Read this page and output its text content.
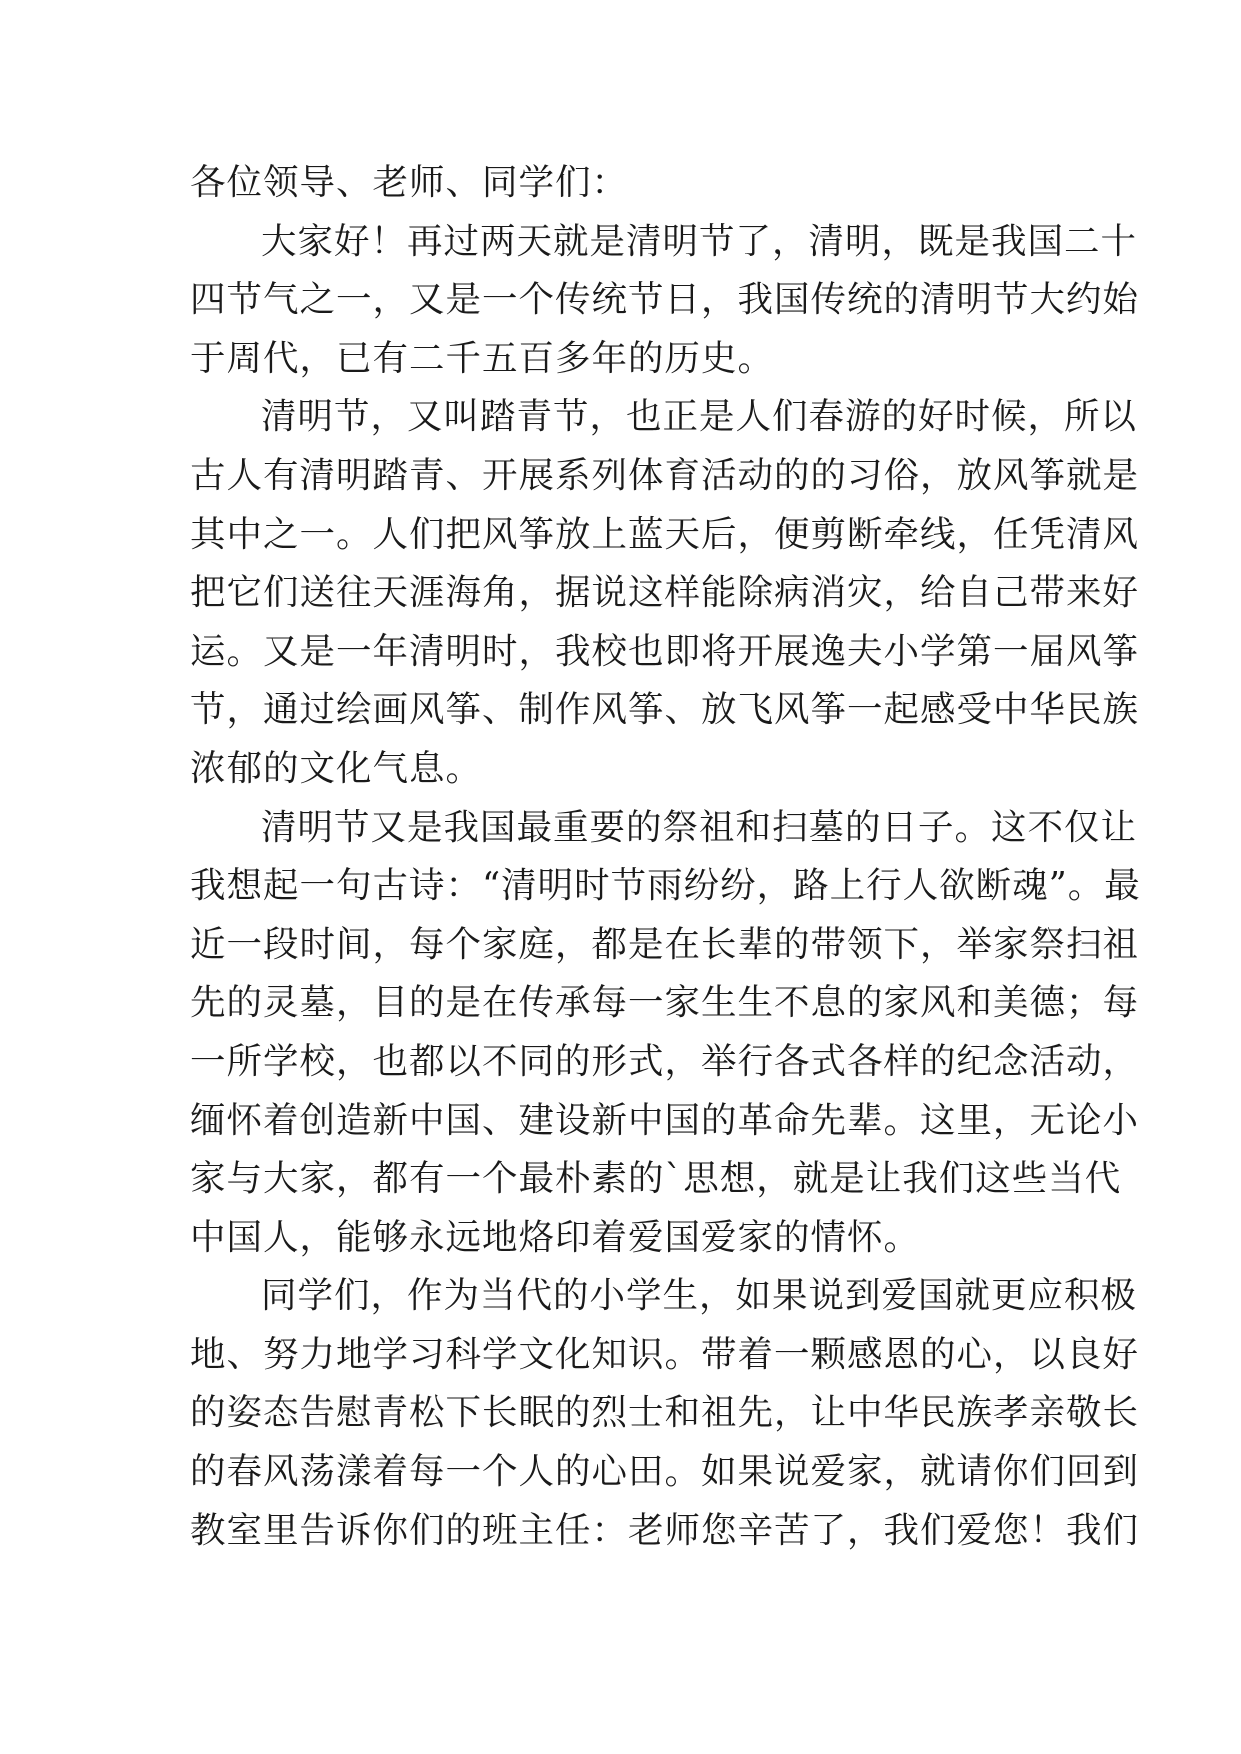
各位领导、老师、同学们：
大家好！再过两天就是清明节了，清明，既是我国二十
四节气之一，又是一个传统节日，我国传统的清明节大约始
于周代，已有二千五百多年的历史。
清明节，又叫踏青节，也正是人们春游的好时候，所以
古人有清明踏青、开展系列体育活动的的习俗，放风筝就是
其中之一。人们把风筝放上蓝天后，便剪断牵线，任凭清风
把它们送往天涯海角，据说这样能除病消灾，给自己带来好
运。又是一年清明时，我校也即将开展逸夫小学第一届风筝
节，通过绘画风筝、制作风筝、放飞风筝一起感受中华民族
浓郁的文化气息。
清明节又是我国最重要的祭祖和扫墓的日子。这不仅让
我想起一句古诗：“清明时节雨纷纷，路上行人欲断魂”。最
近一段时间，每个家庭，都是在长辈的带领下，举家祭扫祖
先的灵墓，目的是在传承每一家生生不息的家风和美德；每
一所学校，也都以不同的形式，举行各式各样的纪念活动，
缅怀着创造新中国、建设新中国的革命先辈。这里，无论小
家与大家，都有一个最朴素的`思想，就是让我们这些当代
中国人，能够永远地烙印着爱国爱家的情怀。
同学们，作为当代的小学生，如果说到爱国就更应积极
地、努力地学习科学文化知识。带着一颗感恩的心，以良好
的姿态告慰青松下长眠的烈士和祖先，让中华民族孝亲敬长
的春风荡漾着每一个人的心田。如果说爱家，就请你们回到
教室里告诉你们的班主任：老师您辛苦了，我们爱您！我们
